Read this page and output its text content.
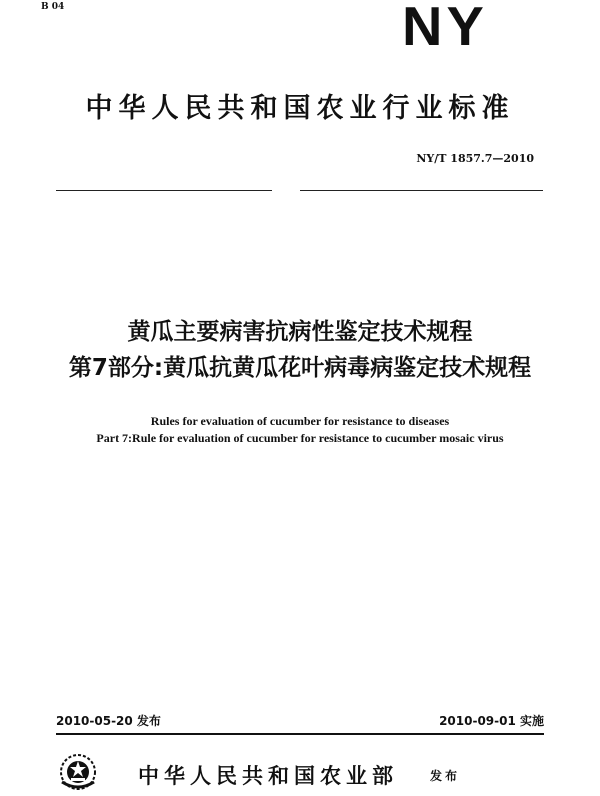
B 04	NY
中华人民共和国农业行业标准
NY/T 1857.7—2010
黄瓜主要病害抗病性鉴定技术规程
第7部分:黄瓜抗黄瓜花叶病毒病鉴定技术规程
Rules for evaluation of cucumber for resistance to diseases
Part 7:Rule for evaluation of cucumber for resistance to cucumber mosaic virus
2010-05-20 发布	2010-09-01 实施
中华人民共和国农业部	发布
